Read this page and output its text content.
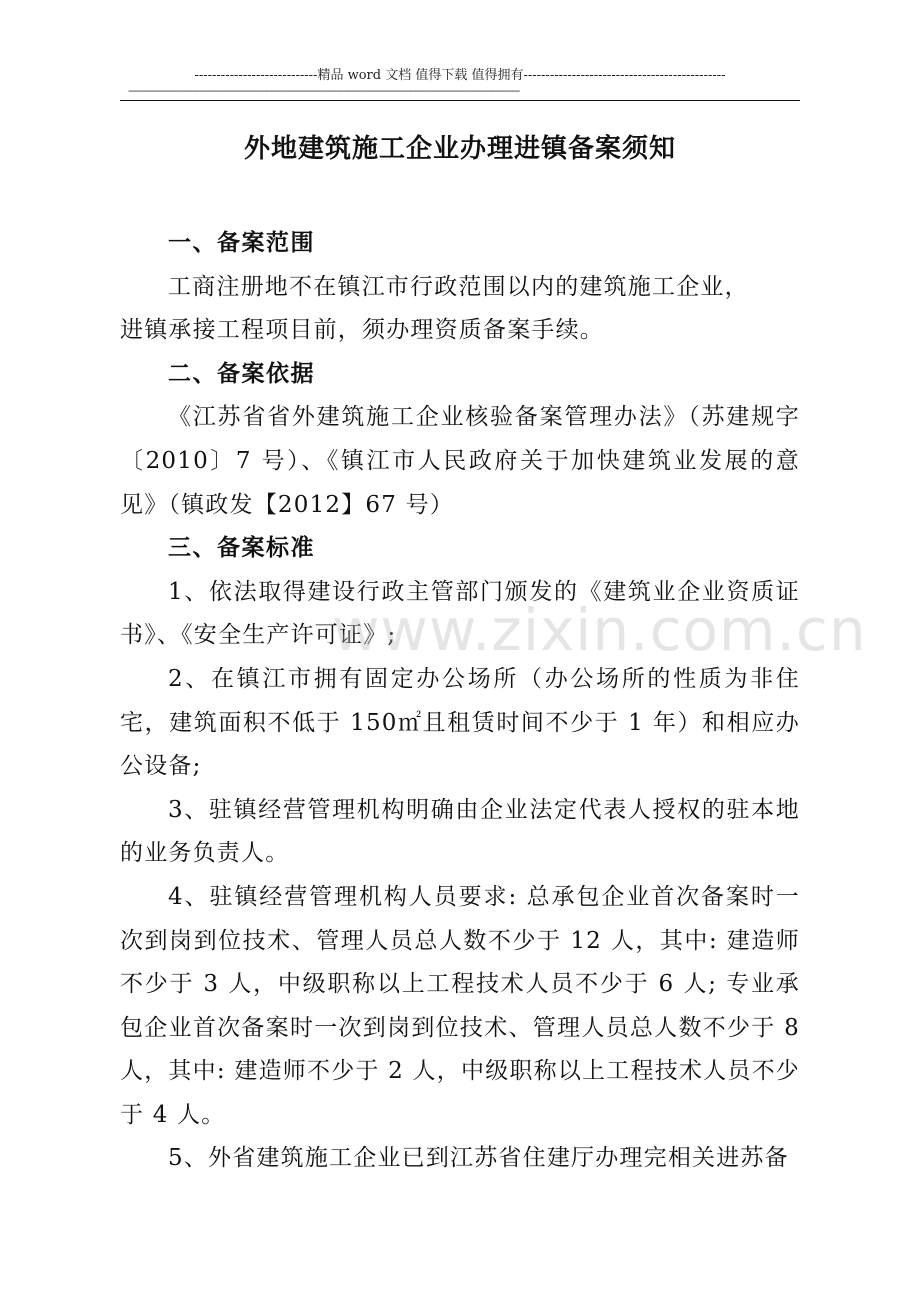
----------------------------精品 word 文档 值得下载 值得拥有----------------------------------------------
------------------------------------------------------------------------------------------------------------------------------------------------
外地建筑施工企业办理进镇备案须知

一、备案范围

工商注册地不在镇江市行政范围以内的建筑施工企业，

进镇承接工程项目前，须办理资质备案手续。

二、备案依据

《江苏省省外建筑施工企业核验备案管理办法》（苏建规字〔2010〕7 号）、《镇江市人民政府关于加快建筑业发展的意见》（镇政发【2012】67 号）

三、备案标准

1、依法取得建设行政主管部门颁发的《建筑业企业资质证书》、《安全生产许可证》;

2、在镇江市拥有固定办公场所（办公场所的性质为非住宅，建筑面积不低于 150㎡且租赁时间不少于 1 年）和相应办公设备;

3、驻镇经营管理机构明确由企业法定代表人授权的驻本地的业务负责人。

4、驻镇经营管理机构人员要求: 总承包企业首次备案时一次到岗到位技术、管理人员总人数不少于 12 人，其中: 建造师不少于 3 人，中级职称以上工程技术人员不少于 6 人; 专业承包企业首次备案时一次到岗到位技术、管理人员总人数不少于 8 人，其中: 建造师不少于 2 人，中级职称以上工程技术人员不少于 4 人。

5、外省建筑施工企业已到江苏省住建厅办理完相关进苏备

www.zixin.com.cn
